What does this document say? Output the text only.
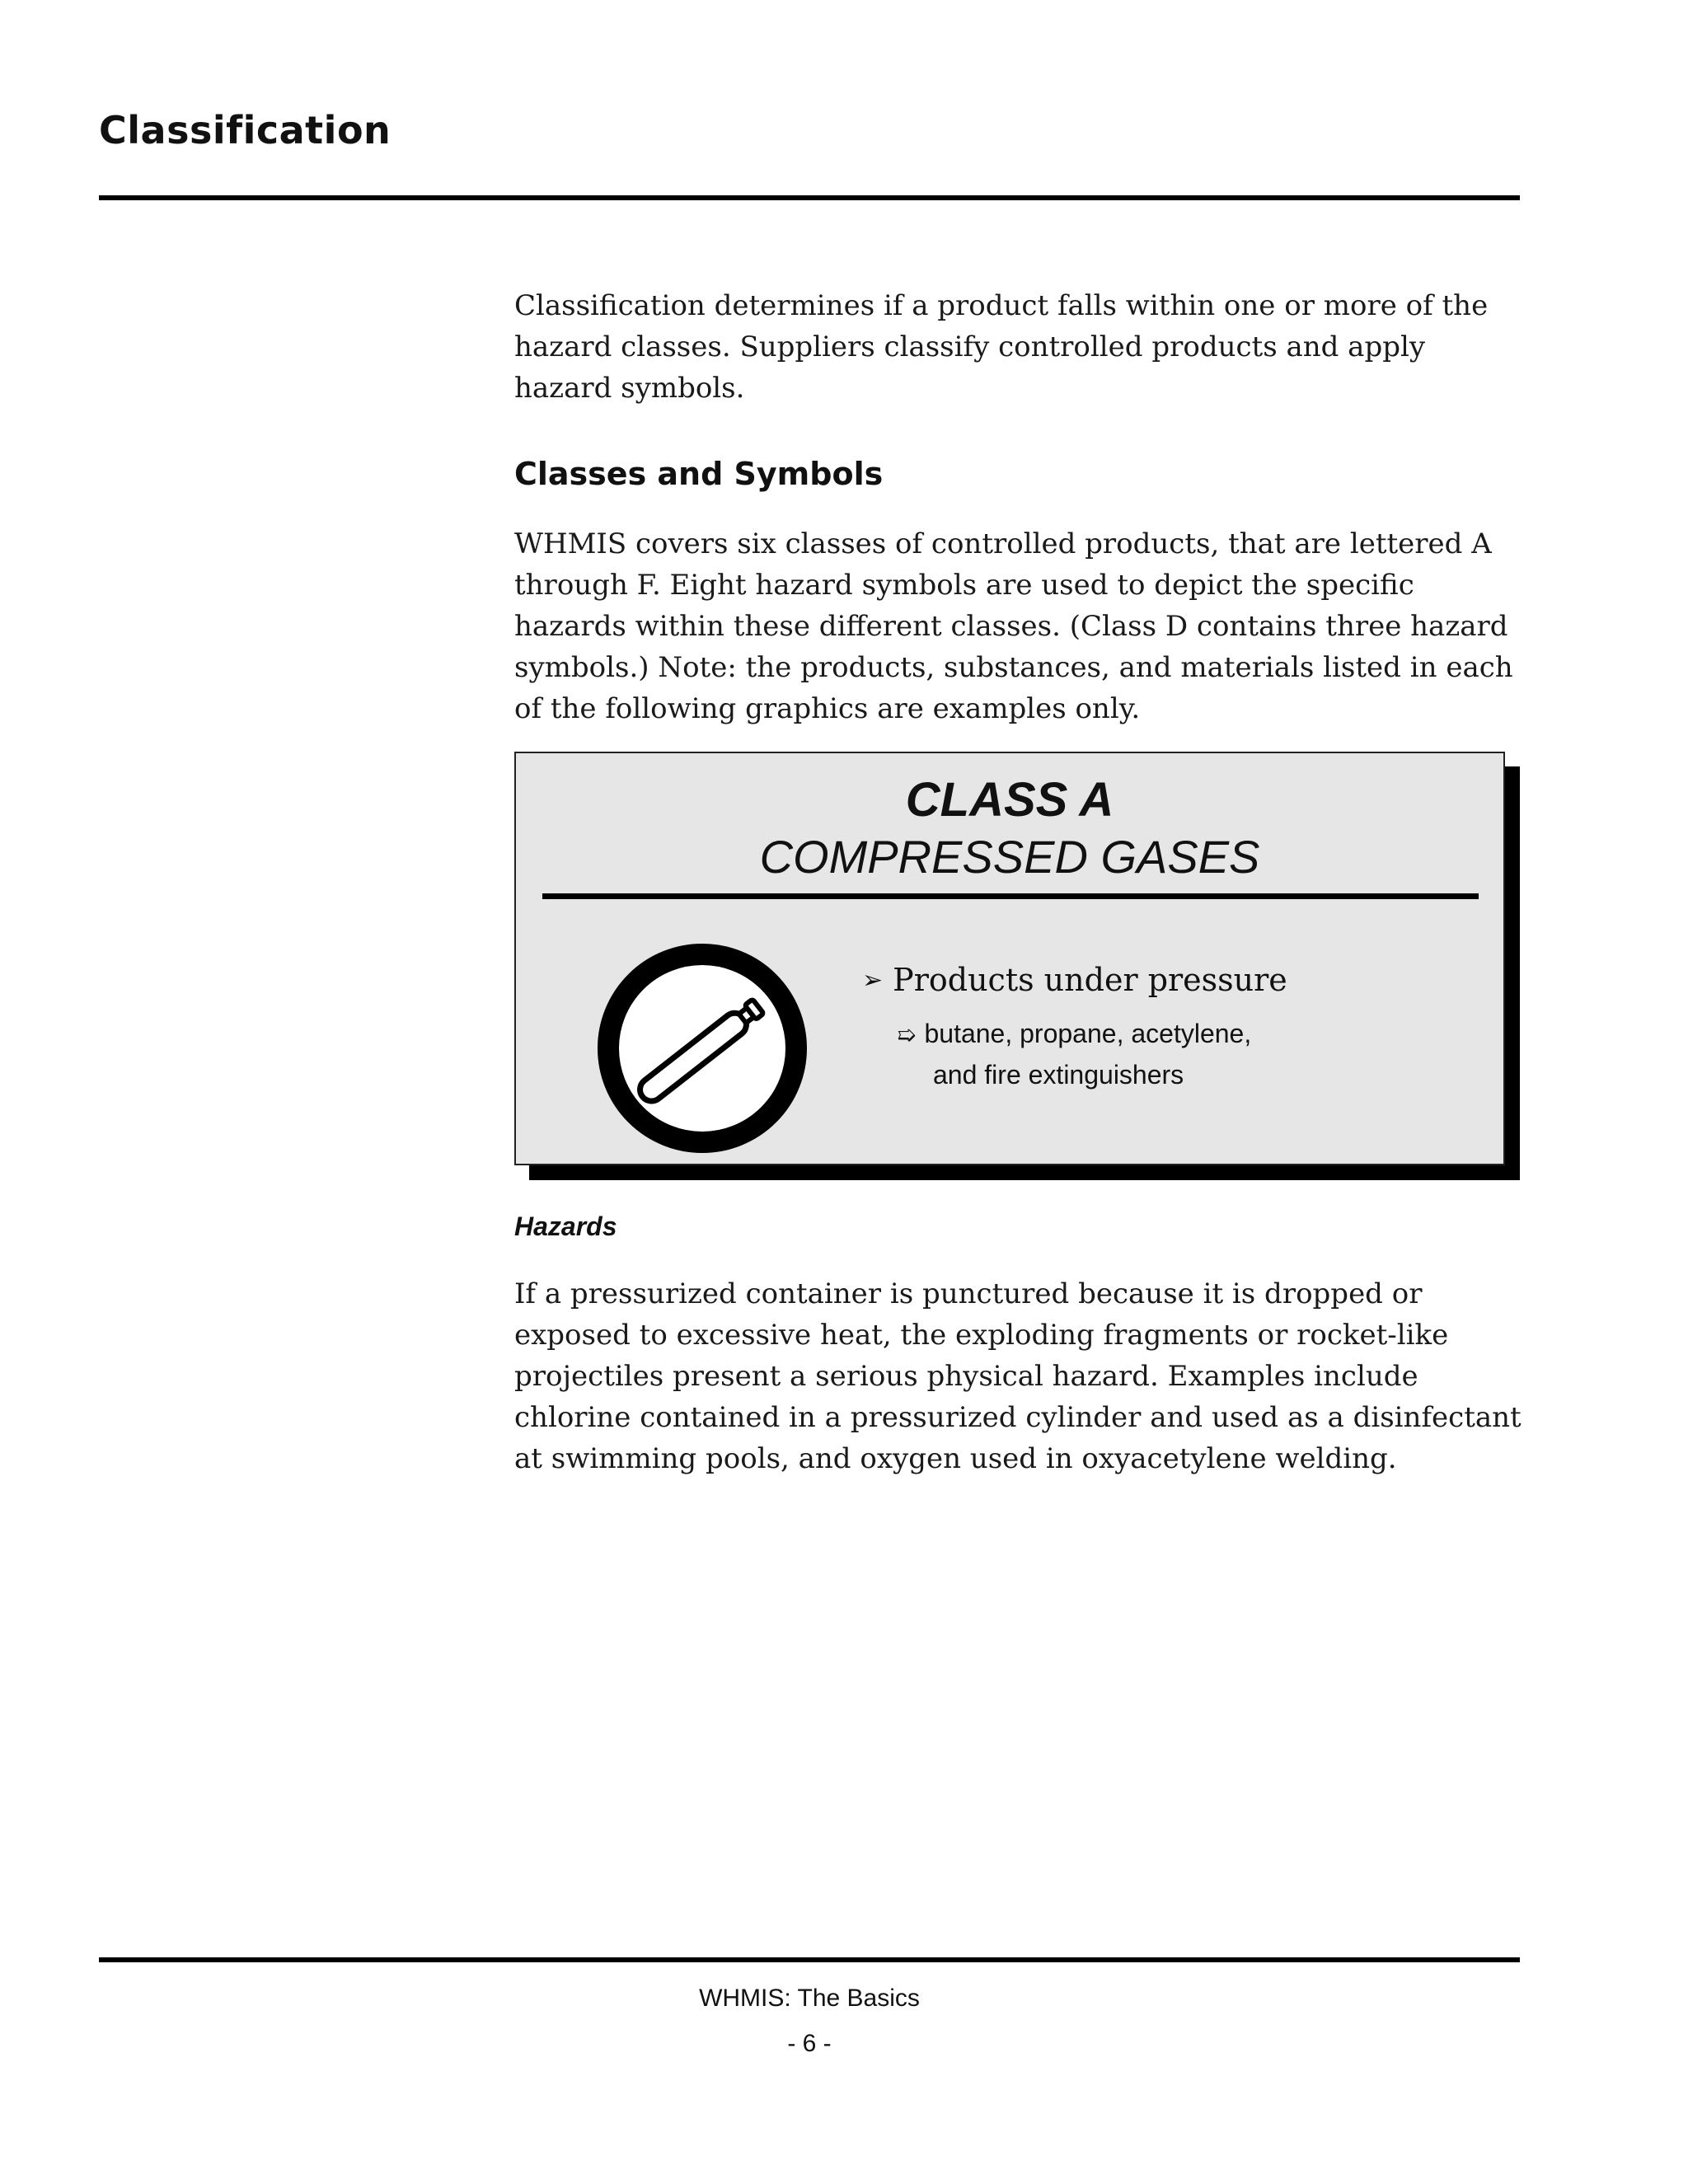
Classification

Classification determines if a product falls within one or more of the hazard classes. Suppliers classify controlled products and apply hazard symbols.

Classes and Symbols

WHMIS covers six classes of controlled products, that are lettered A through F. Eight hazard symbols are used to depict the specific hazards within these different classes. (Class D contains three hazard symbols.) Note: the products, substances, and materials listed in each of the following graphics are examples only.

CLASS A
COMPRESSED GASES
➢ Products under pressure
➯ butane, propane, acetylene,
and fire extinguishers
Hazards

If a pressurized container is punctured because it is dropped or exposed to excessive heat, the exploding fragments or rocket-like projectiles present a serious physical hazard. Examples include chlorine contained in a pressurized cylinder and used as a disinfectant at swimming pools, and oxygen used in oxyacetylene welding.

WHMIS: The Basics

- 6 -
